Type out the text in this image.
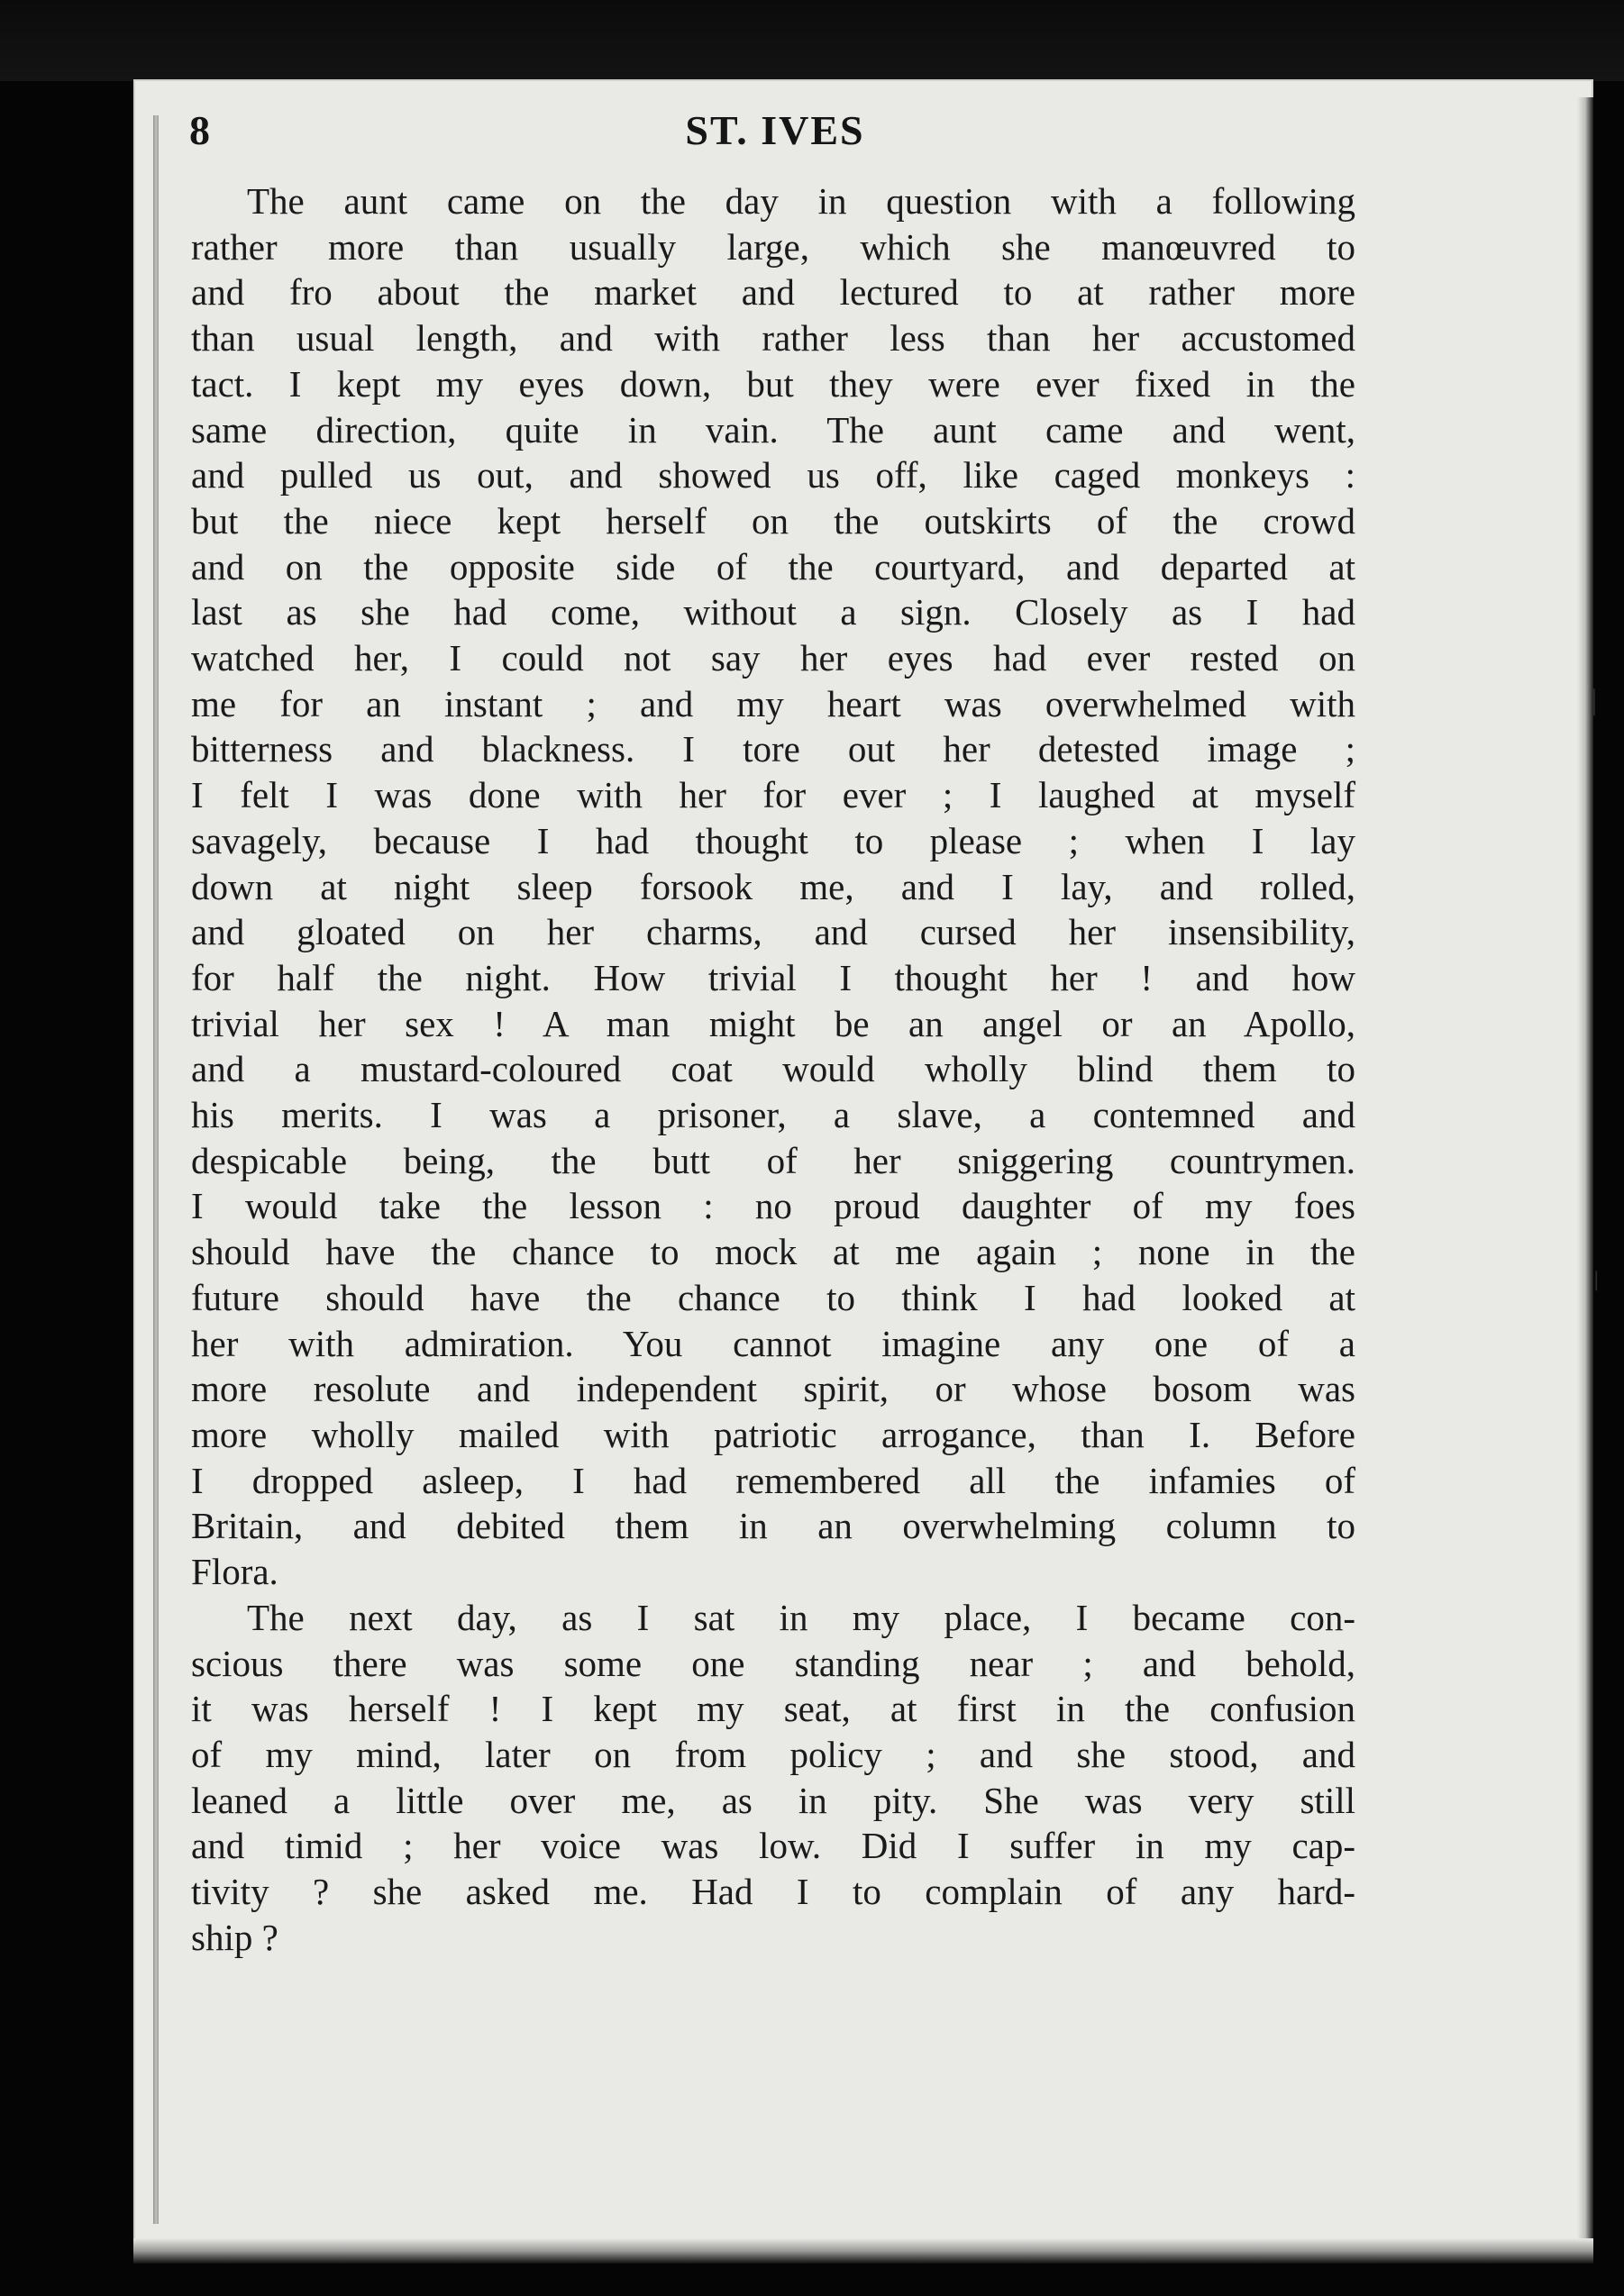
8	ST. IVES
The aunt came on the day in question with a following
rather more than usually large, which she manœuvred to
and fro about the market and lectured to at rather more
than usual length, and with rather less than her accustomed
tact. I kept my eyes down, but they were ever fixed in the
same direction, quite in vain. The aunt came and went,
and pulled us out, and showed us off, like caged monkeys :
but the niece kept herself on the outskirts of the crowd
and on the opposite side of the courtyard, and departed at
last as she had come, without a sign. Closely as I had
watched her, I could not say her eyes had ever rested on
me for an instant ; and my heart was overwhelmed with
bitterness and blackness. I tore out her detested image ;
I felt I was done with her for ever ; I laughed at myself
savagely, because I had thought to please ; when I lay
down at night sleep forsook me, and I lay, and rolled,
and gloated on her charms, and cursed her insensibility,
for half the night. How trivial I thought her ! and how
trivial her sex ! A man might be an angel or an Apollo,
and a mustard-coloured coat would wholly blind them to
his merits. I was a prisoner, a slave, a contemned and
despicable being, the butt of her sniggering countrymen.
I would take the lesson : no proud daughter of my foes
should have the chance to mock at me again ; none in the
future should have the chance to think I had looked at
her with admiration. You cannot imagine any one of a
more resolute and independent spirit, or whose bosom was
more wholly mailed with patriotic arrogance, than I. Before
I dropped asleep, I had remembered all the infamies of
Britain, and debited them in an overwhelming column to
Flora.
The next day, as I sat in my place, I became con-
scious there was some one standing near ; and behold,
it was herself ! I kept my seat, at first in the confusion
of my mind, later on from policy ; and she stood, and
leaned a little over me, as in pity. She was very still
and timid ; her voice was low. Did I suffer in my cap-
tivity ? she asked me. Had I to complain of any hard-
ship ?
❘
❘
